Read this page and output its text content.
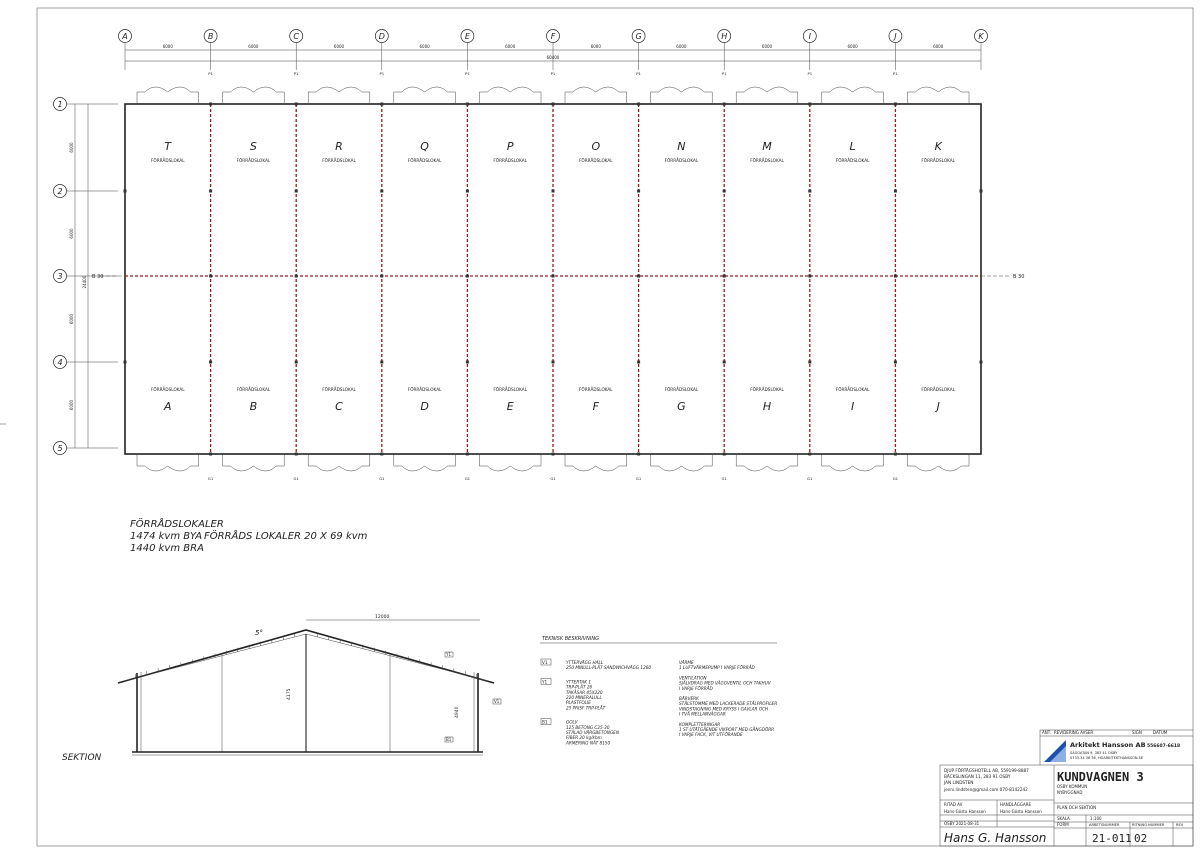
A	B	C	D	E	F	G	H	I	J	K
1
2
3
4
5
6000	6000	6000	6000	6000	6000	6000	6000	6000	6000
60400
6000
6000
6000
6000
24400
P1
G1
P1
G1
P1
G1
P1
G1
P1
G1
P1
G1
P1
G1
P1
G1
P1
G1
T
FÖRRÅDSLOKAL
S
FÖRRÅDSLOKAL
R
FÖRRÅDSLOKAL
Q
FÖRRÅDSLOKAL
P
FÖRRÅDSLOKAL
O
FÖRRÅDSLOKAL
N
FÖRRÅDSLOKAL
M
FÖRRÅDSLOKAL
L
FÖRRÅDSLOKAL
K
FÖRRÅDSLOKAL
FÖRRÅDSLOKAL
A
FÖRRÅDSLOKAL
B
FÖRRÅDSLOKAL
C
FÖRRÅDSLOKAL
D
FÖRRÅDSLOKAL
E
FÖRRÅDSLOKAL
F
FÖRRÅDSLOKAL
G
FÖRRÅDSLOKAL
H
FÖRRÅDSLOKAL
I
FÖRRÅDSLOKAL
J
B 30	B 30
FÖRRÅDSLOKALER
1474 kvm BYA FÖRRÅDS LOKALER 20 X 69 kvm
1440 kvm BRA
SEKTION
12000
5°
4175
4940
Y1
V1
B1
TEKNISK BESKRIVNING
V1	YTTERVÄGG HALL
250 MINULL-PLÅT SANDWICHVÄGG 1260
Y1	YTTERTAK 1
TRP-PLÅT 26
TAKÅSAR 45X220
220 MINERALULL
PLASTFOLIE
25 PRISF TRP-PLÅT
B1	GOLV
125 BETONG C25-30
STÅLAD VÄRGBETONGEN
FIBER 20 kg/kbm
ARMERING NÄT 8150
VÄRME
1 LUFTVÄRMEPUMP I VARJE FÖRRÅD
VENTILATION
SJÄLVDRAG MED VÄGGVENTIL OCH TAKHUV
I VARJE FÖRRÅD
BÄRVERK
STÅLSTOMME MED LACKERADE STÅLPROFILER
VINDSTAGNING MED KRYSS I GAVLAR OCH
I TVÅ MELLANVÄGGAR
KOMPLETTERINGAR
1 ST UTÄTGÅENDE VIKPORT MED GÅNGDÖRR
I VARJE FACK, VIT UTFÖRANDE	ÄNT. REVIDERING AVSER	SIGN	DATUM
Arkitekt Hansson AB 556607-6618
SÄGGATAN 9, 383 41 OSBY
0733-34 36 36, HGARKITEKTHANSSON.SE
DJUP FÖRTÄGSHOTELL AB, 559199-8887
BÄCKSLINGAN 11, 283 91 OSBY
JAN LINDSTEN
jenni.lindsten@gmail.com 070-8142242
RITAD AV
Hans-Gösta Hansson
HANDLÄGGARE
Hans-Gösta Hansson
OSBY 2021-08-31
Hans G. Hansson
KUNDVAGNEN 3
OSBY KOMMUN
NYBYGGNAD
PLAN OCH SEKTION
SKALA	1:100
FORM	ARBETSNUMMER	RITNING NUMMER	REV
21-011 02
